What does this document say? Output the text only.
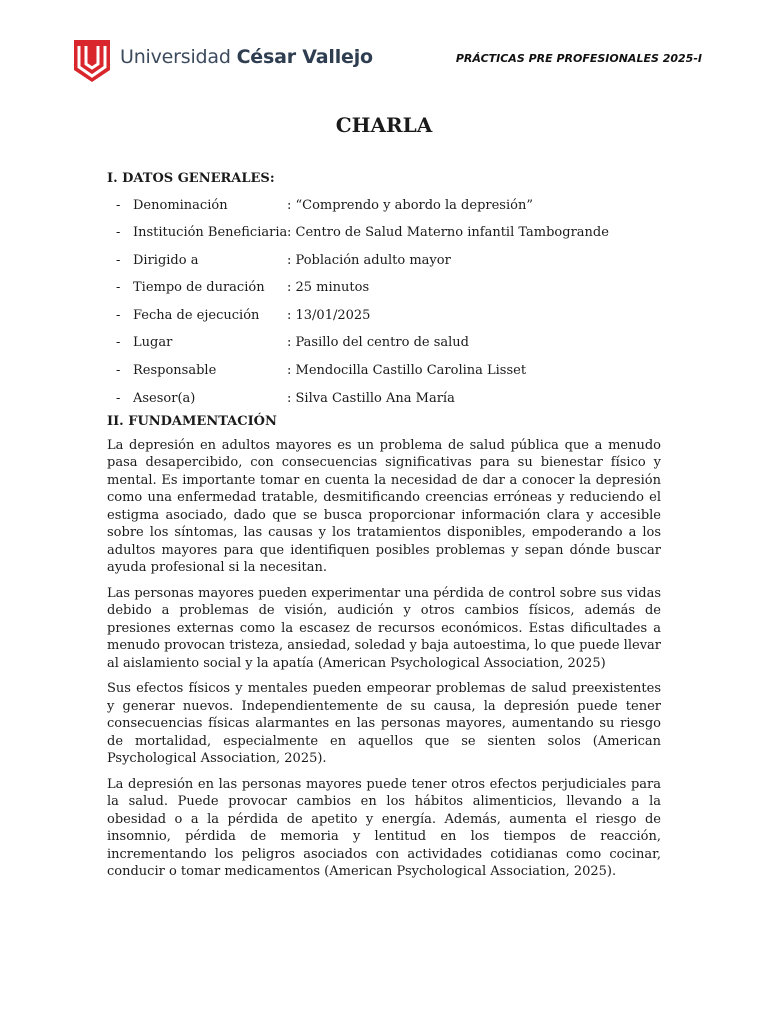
Universidad César Vallejo	PRÁCTICAS PRE PROFESIONALES 2025-I
CHARLA
I. DATOS GENERALES:
- Denominación	: “Comprendo y abordo la depresión”
- Institución Beneficiaria : Centro de Salud Materno infantil Tambogrande
- Dirigido a	: Población adulto mayor
- Tiempo de duración	: 25 minutos
- Fecha de ejecución	: 13/01/2025
- Lugar	: Pasillo del centro de salud
- Responsable	: Mendocilla Castillo Carolina Lisset
- Asesor(a)	: Silva Castillo Ana María
II. FUNDAMENTACIÓN

La depresión en adultos mayores es un problema de salud pública que a menudo pasa desapercibido, con consecuencias significativas para su bienestar físico y mental. Es importante tomar en cuenta la necesidad de dar a conocer la depresión como una enfermedad tratable, desmitificando creencias erróneas y reduciendo el estigma asociado, dado que se busca proporcionar información clara y accesible sobre los síntomas, las causas y los tratamientos disponibles, empoderando a los adultos mayores para que identifiquen posibles problemas y sepan dónde buscar ayuda profesional si la necesitan.

Las personas mayores pueden experimentar una pérdida de control sobre sus vidas debido a problemas de visión, audición y otros cambios físicos, además de presiones externas como la escasez de recursos económicos. Estas dificultades a menudo provocan tristeza, ansiedad, soledad y baja autoestima, lo que puede llevar al aislamiento social y la apatía (American Psychological Association, 2025)

Sus efectos físicos y mentales pueden empeorar problemas de salud preexistentes y generar nuevos. Independientemente de su causa, la depresión puede tener consecuencias físicas alarmantes en las personas mayores, aumentando su riesgo de mortalidad, especialmente en aquellos que se sienten solos (American Psychological Association, 2025).

La depresión en las personas mayores puede tener otros efectos perjudiciales para la salud. Puede provocar cambios en los hábitos alimenticios, llevando a la obesidad o a la pérdida de apetito y energía. Además, aumenta el riesgo de insomnio, pérdida de memoria y lentitud en los tiempos de reacción, incrementando los peligros asociados con actividades cotidianas como cocinar, conducir o tomar medicamentos (American Psychological Association, 2025).
